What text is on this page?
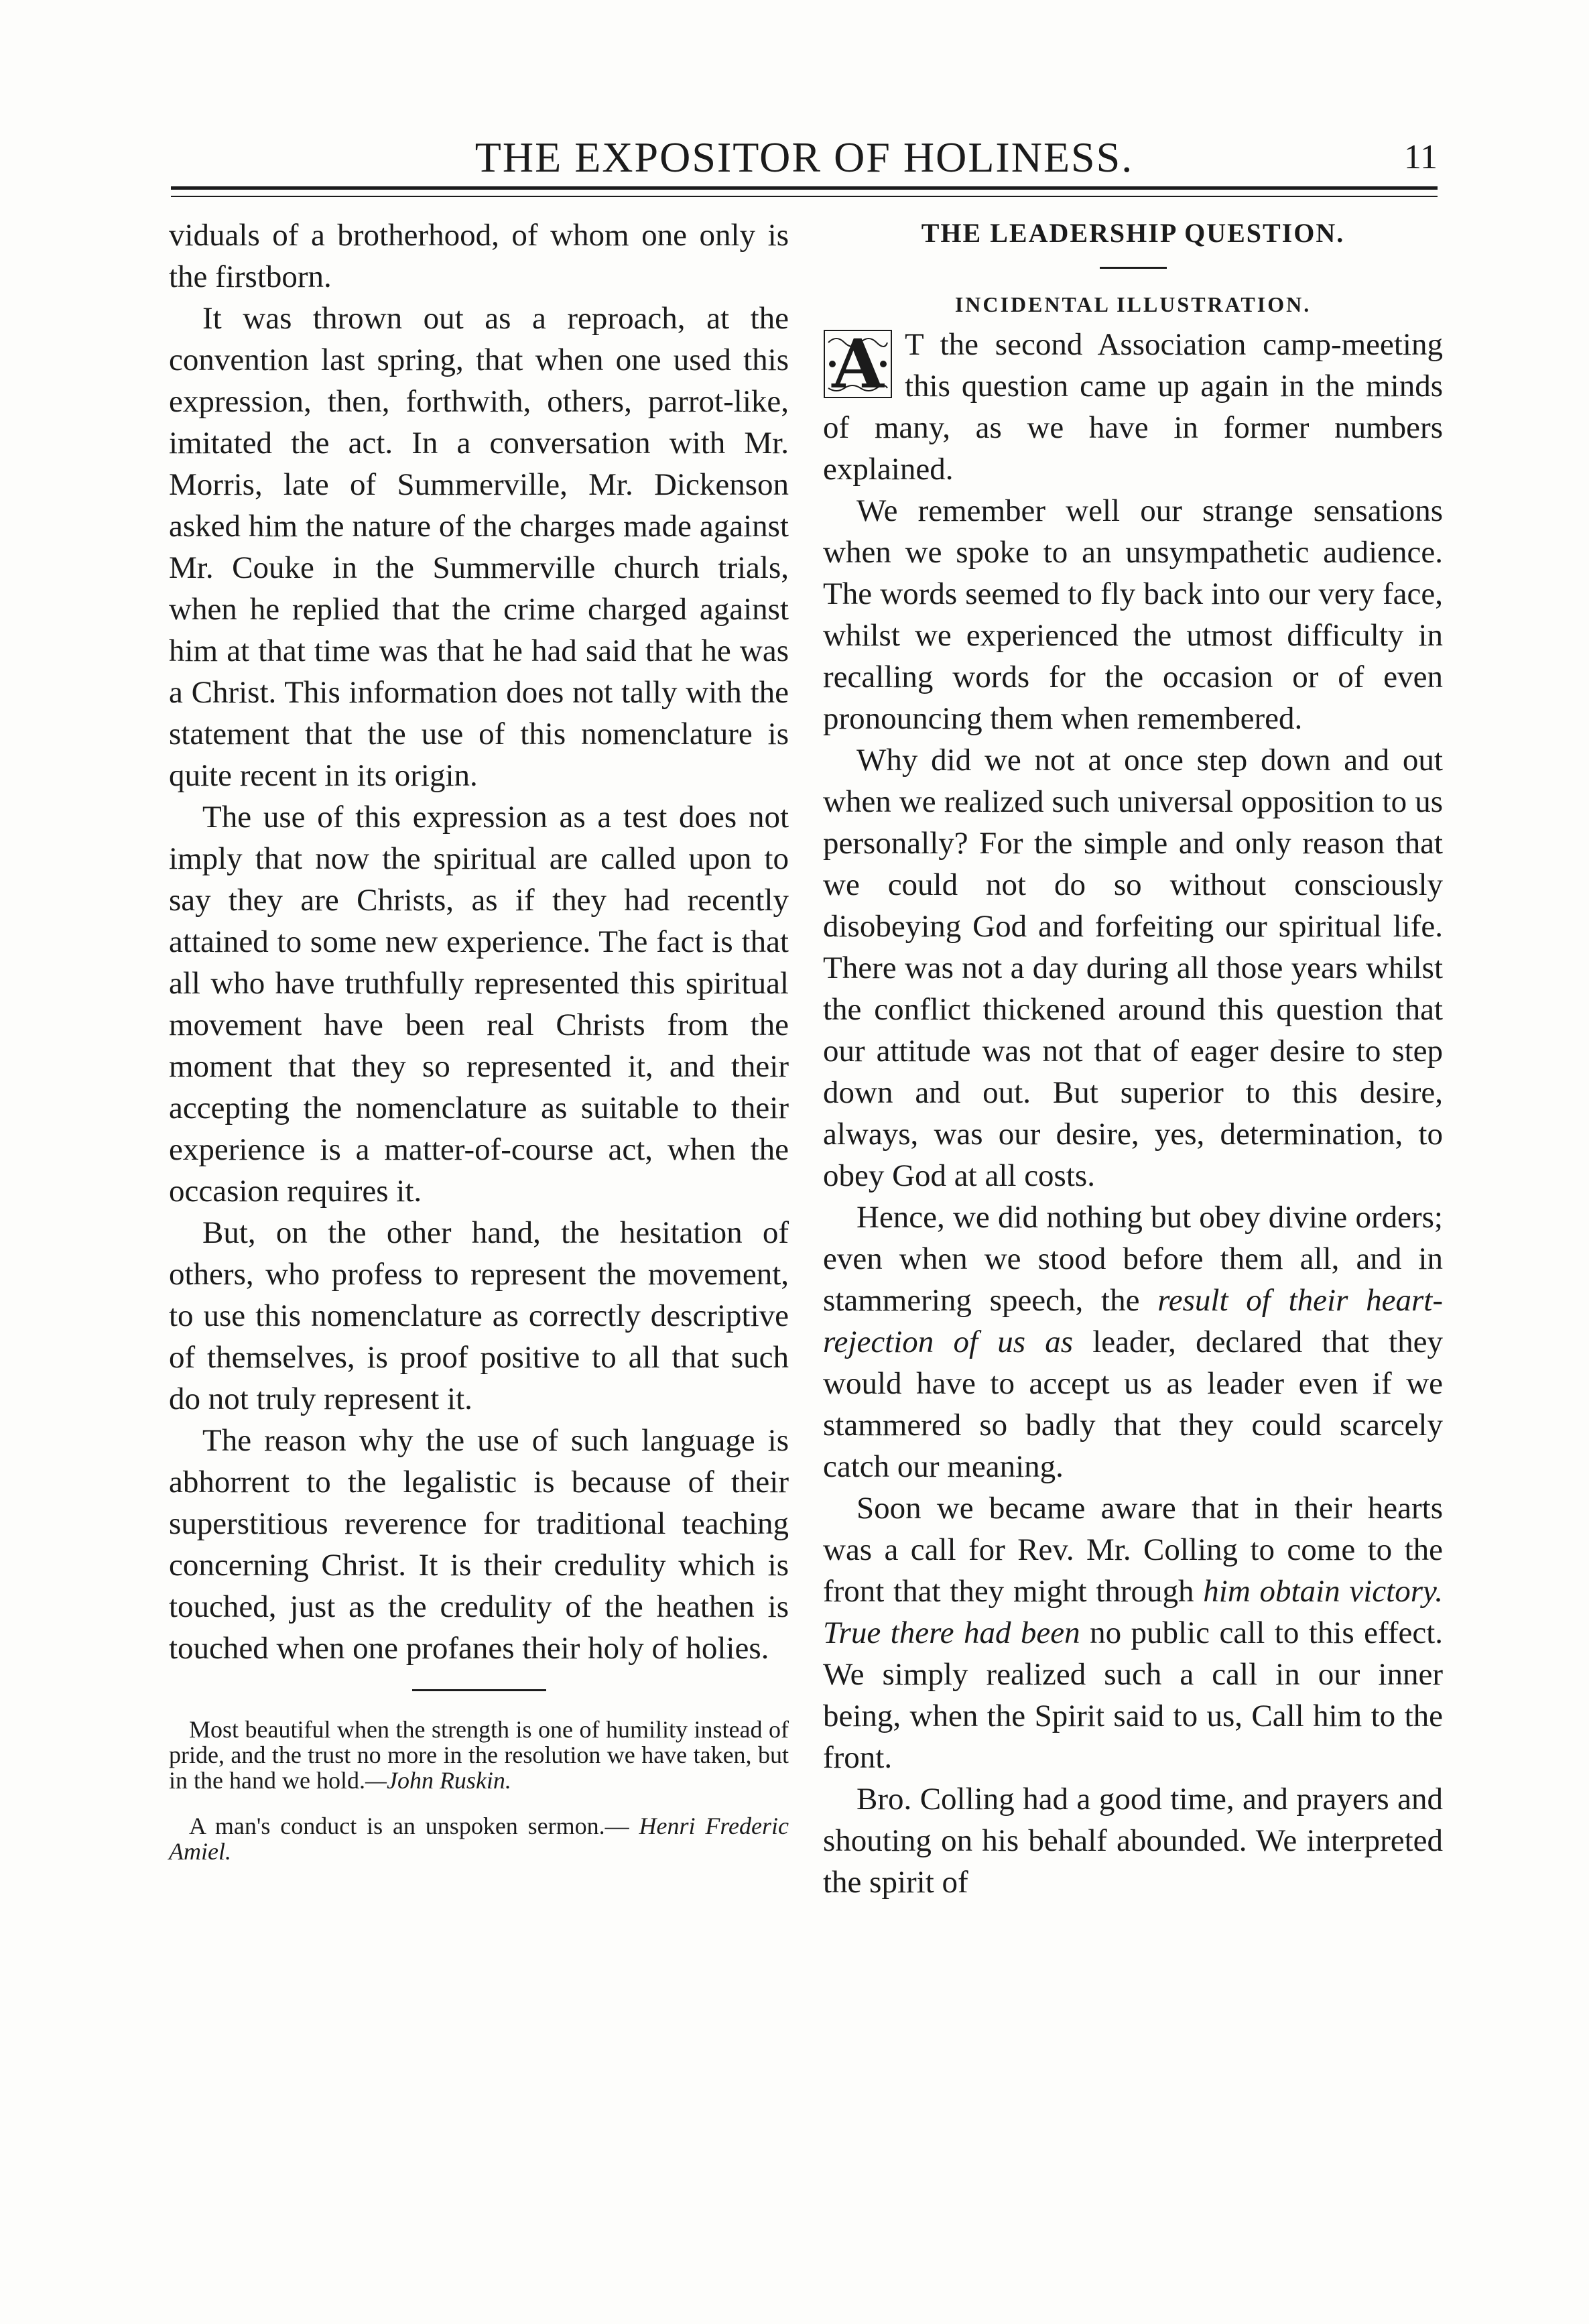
THE EXPOSITOR OF HOLINESS.	11

viduals of a brotherhood, of whom one only is the firstborn.

It was thrown out as a reproach, at the convention last spring, that when one used this expression, then, forthwith, others, parrot-like, imitated the act. In a conversation with Mr. Morris, late of Summerville, Mr. Dickenson asked him the nature of the charges made against Mr. Couke in the Summerville church trials, when he replied that the crime charged against him at that time was that he had said that he was a Christ. This information does not tally with the statement that the use of this nomenclature is quite recent in its origin.

The use of this expression as a test does not imply that now the spiritual are called upon to say they are Christs, as if they had recently attained to some new experience. The fact is that all who have truthfully represented this spiritual movement have been real Christs from the moment that they so represented it, and their accepting the nomenclature as suitable to their experience is a matter-of-course act, when the occasion requires it.

But, on the other hand, the hesitation of others, who profess to represent the movement, to use this nomenclature as correctly descriptive of themselves, is proof positive to all that such do not truly represent it.

The reason why the use of such language is abhorrent to the legalistic is because of their superstitious reverence for traditional teaching concerning Christ. It is their credulity which is touched, just as the credulity of the heathen is touched when one profanes their holy of holies.

Most beautiful when the strength is one of humility instead of pride, and the trust no more in the resolution we have taken, but in the hand we hold.—John Ruskin.

A man's conduct is an unspoken sermon.— Henri Frederic Amiel.

THE LEADERSHIP QUESTION.
INCIDENTAL ILLUSTRATION.

A T the second Association camp-meeting this question came up again in the minds of many, as we have in former numbers explained.

We remember well our strange sensations when we spoke to an unsympathetic audience. The words seemed to fly back into our very face, whilst we experienced the utmost difficulty in recalling words for the occasion or of even pronouncing them when remembered.

Why did we not at once step down and out when we realized such universal opposition to us personally? For the simple and only reason that we could not do so without consciously disobeying God and forfeiting our spiritual life. There was not a day during all those years whilst the conflict thickened around this question that our attitude was not that of eager desire to step down and out. But superior to this desire, always, was our desire, yes, determination, to obey God at all costs.

Hence, we did nothing but obey divine orders; even when we stood before them all, and in stammering speech, the result of their heart-rejection of us as leader, declared that they would have to accept us as leader even if we stammered so badly that they could scarcely catch our meaning.

Soon we became aware that in their hearts was a call for Rev. Mr. Colling to come to the front that they might through him obtain victory. True there had been no public call to this effect. We simply realized such a call in our inner being, when the Spirit said to us, Call him to the front.

Bro. Colling had a good time, and prayers and shouting on his behalf abounded. We interpreted the spirit of
